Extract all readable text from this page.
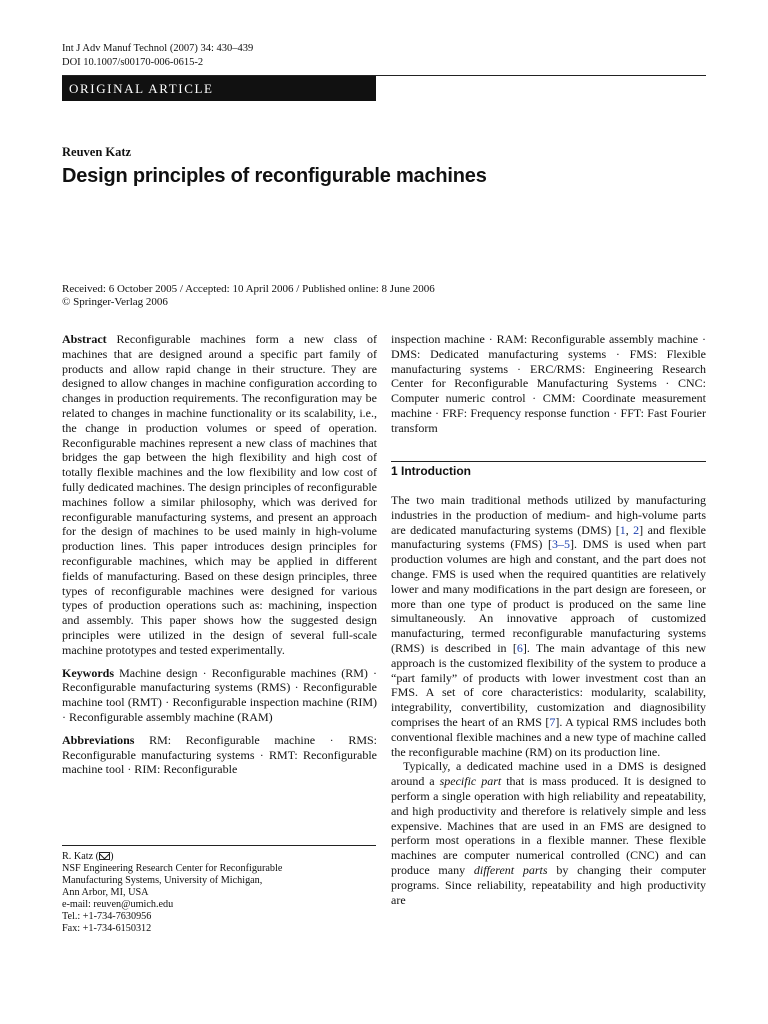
Int J Adv Manuf Technol (2007) 34: 430–439
DOI 10.1007/s00170-006-0615-2
ORIGINAL ARTICLE
Reuven Katz
Design principles of reconfigurable machines
Received: 6 October 2005 / Accepted: 10 April 2006 / Published online: 8 June 2006
© Springer-Verlag 2006

Abstract Reconfigurable machines form a new class of machines that are designed around a specific part family of products and allow rapid change in their structure. They are designed to allow changes in machine configuration according to changes in production requirements. The reconfiguration may be related to changes in machine functionality or its scalability, i.e., the change in production volumes or speed of operation. Reconfigurable machines represent a new class of machines that bridges the gap between the high flexibility and high cost of totally flexible machines and the low flexibility and low cost of fully dedicated machines. The design principles of reconfigurable machines follow a similar philosophy, which was derived for reconfigurable manufacturing systems, and present an approach for the design of machines to be used mainly in high-volume production lines. This paper introduces design principles for reconfigurable machines, which may be applied in different fields of manufacturing. Based on these design principles, three types of reconfigurable machines were designed for various types of production operations such as: machining, inspection and assembly. This paper shows how the suggested design principles were utilized in the design of several full-scale machine prototypes and tested experimentally.

Keywords Machine design · Reconfigurable machines (RM) · Reconfigurable manufacturing systems (RMS) · Reconfigurable machine tool (RMT) · Reconfigurable inspection machine (RIM) · Reconfigurable assembly machine (RAM)

Abbreviations RM: Reconfigurable machine · RMS: Reconfigurable manufacturing systems · RMT: Reconfigurable machine tool · RIM: Reconfigurable

R. Katz ( )
NSF Engineering Research Center for Reconfigurable
Manufacturing Systems, University of Michigan,
Ann Arbor, MI, USA
e-mail: reuven@umich.edu
Tel.: +1-734-7630956
Fax: +1-734-6150312

inspection machine · RAM: Reconfigurable assembly machine · DMS: Dedicated manufacturing systems · FMS: Flexible manufacturing systems · ERC/RMS: Engineering Research Center for Reconfigurable Manufacturing Systems · CNC: Computer numeric control · CMM: Coordinate measurement machine · FRF: Frequency response function · FFT: Fast Fourier transform

1 Introduction

The two main traditional methods utilized by manufacturing industries in the production of medium- and high-volume parts are dedicated manufacturing systems (DMS) [1, 2] and flexible manufacturing systems (FMS) [3–5]. DMS is used when part production volumes are high and constant, and the part does not change. FMS is used when the required quantities are relatively lower and many modifications in the part design are foreseen, or more than one type of product is produced on the same line simultaneously. An innovative approach of customized manufacturing, termed reconfigurable manufacturing systems (RMS) is described in [6]. The main advantage of this new approach is the customized flexibility of the system to produce a “part family” of products with lower investment cost than an FMS. A set of core characteristics: modularity, scalability, integrability, convertibility, customization and diagnosibility comprises the heart of an RMS [7]. A typical RMS includes both conventional flexible machines and a new type of machine called the reconfigurable machine (RM) on its production line.

Typically, a dedicated machine used in a DMS is designed around a specific part that is mass produced. It is designed to perform a single operation with high reliability and repeatability, and high productivity and therefore is relatively simple and less expensive. Machines that are used in an FMS are designed to perform most operations in a flexible manner. These flexible machines are computer numerical controlled (CNC) and can produce many different parts by changing their computer programs. Since reliability, repeatability and high productivity are
